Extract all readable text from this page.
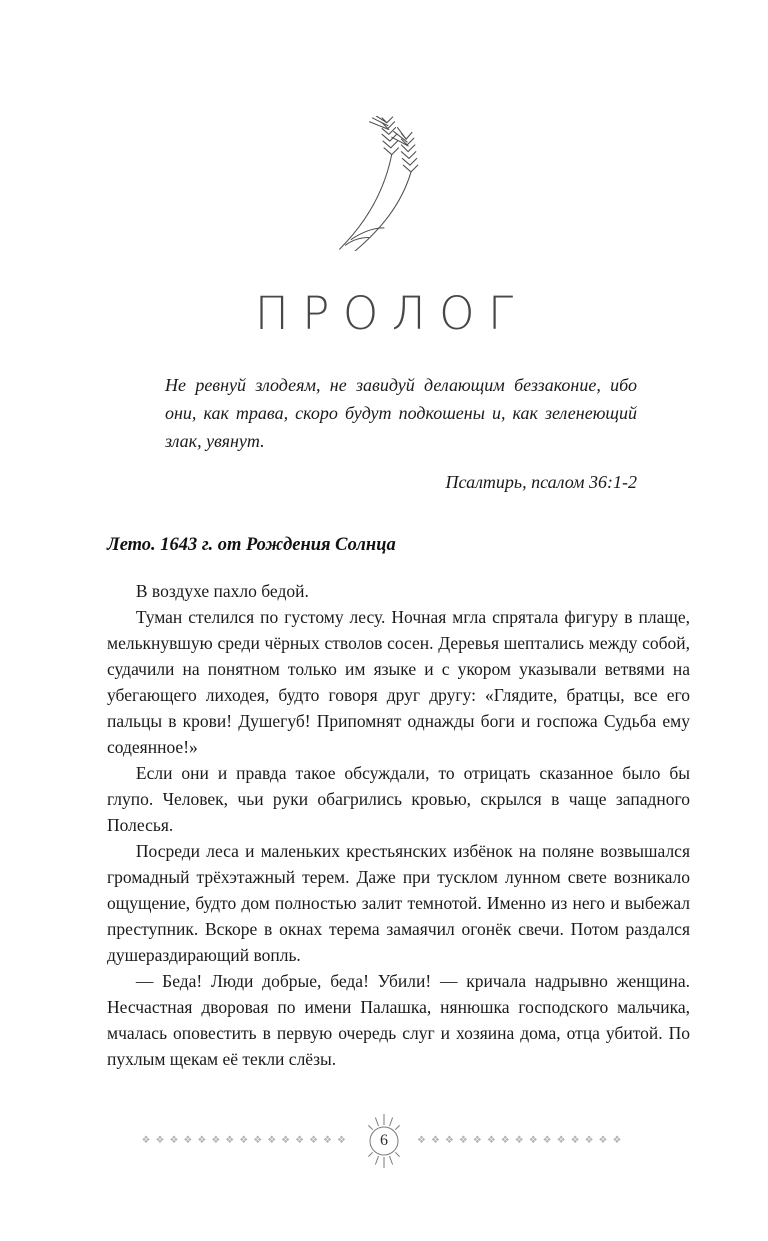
ПРОЛОГ

Не ревнуй злодеям, не завидуй делающим беззаконие, ибо они, как трава, скоро будут подкошены и, как зеленеющий злак, увянут.

Псалтирь, псалом 36:1-2

Лето. 1643 г. от Рождения Солнца

В воздухе пахло бедой.

Туман стелился по густому лесу. Ночная мгла спрятала фигуру в плаще, мелькнувшую среди чёрных стволов сосен. Деревья шептались между собой, судачили на понятном только им языке и с укором указывали ветвями на убегающего лиходея, будто говоря друг другу: «Глядите, братцы, все его пальцы в крови! Душегуб! Припомнят однажды боги и госпожа Судьба ему содеянное!»

Если они и правда такое обсуждали, то отрицать сказанное было бы глупо. Человек, чьи руки обагрились кровью, скрылся в чаще западного Полесья.

Посреди леса и маленьких крестьянских избёнок на поляне возвышался громадный трёхэтажный терем. Даже при тусклом лунном свете возникало ощущение, будто дом полностью залит темнотой. Именно из него и выбежал преступник. Вскоре в окнах терема замаячил огонёк свечи. Потом раздался душераздирающий вопль.

— Беда! Люди добрые, беда! Убили! — кричала надрывно женщина. Несчастная дворовая по имени Палашка, нянюшка господского мальчика, мчалась оповестить в первую очередь слуг и хозяина дома, отца убитой. По пухлым щекам её текли слёзы.

❖❖❖❖❖❖❖❖❖❖❖❖❖❖❖	6	❖❖❖❖❖❖❖❖❖❖❖❖❖❖❖
